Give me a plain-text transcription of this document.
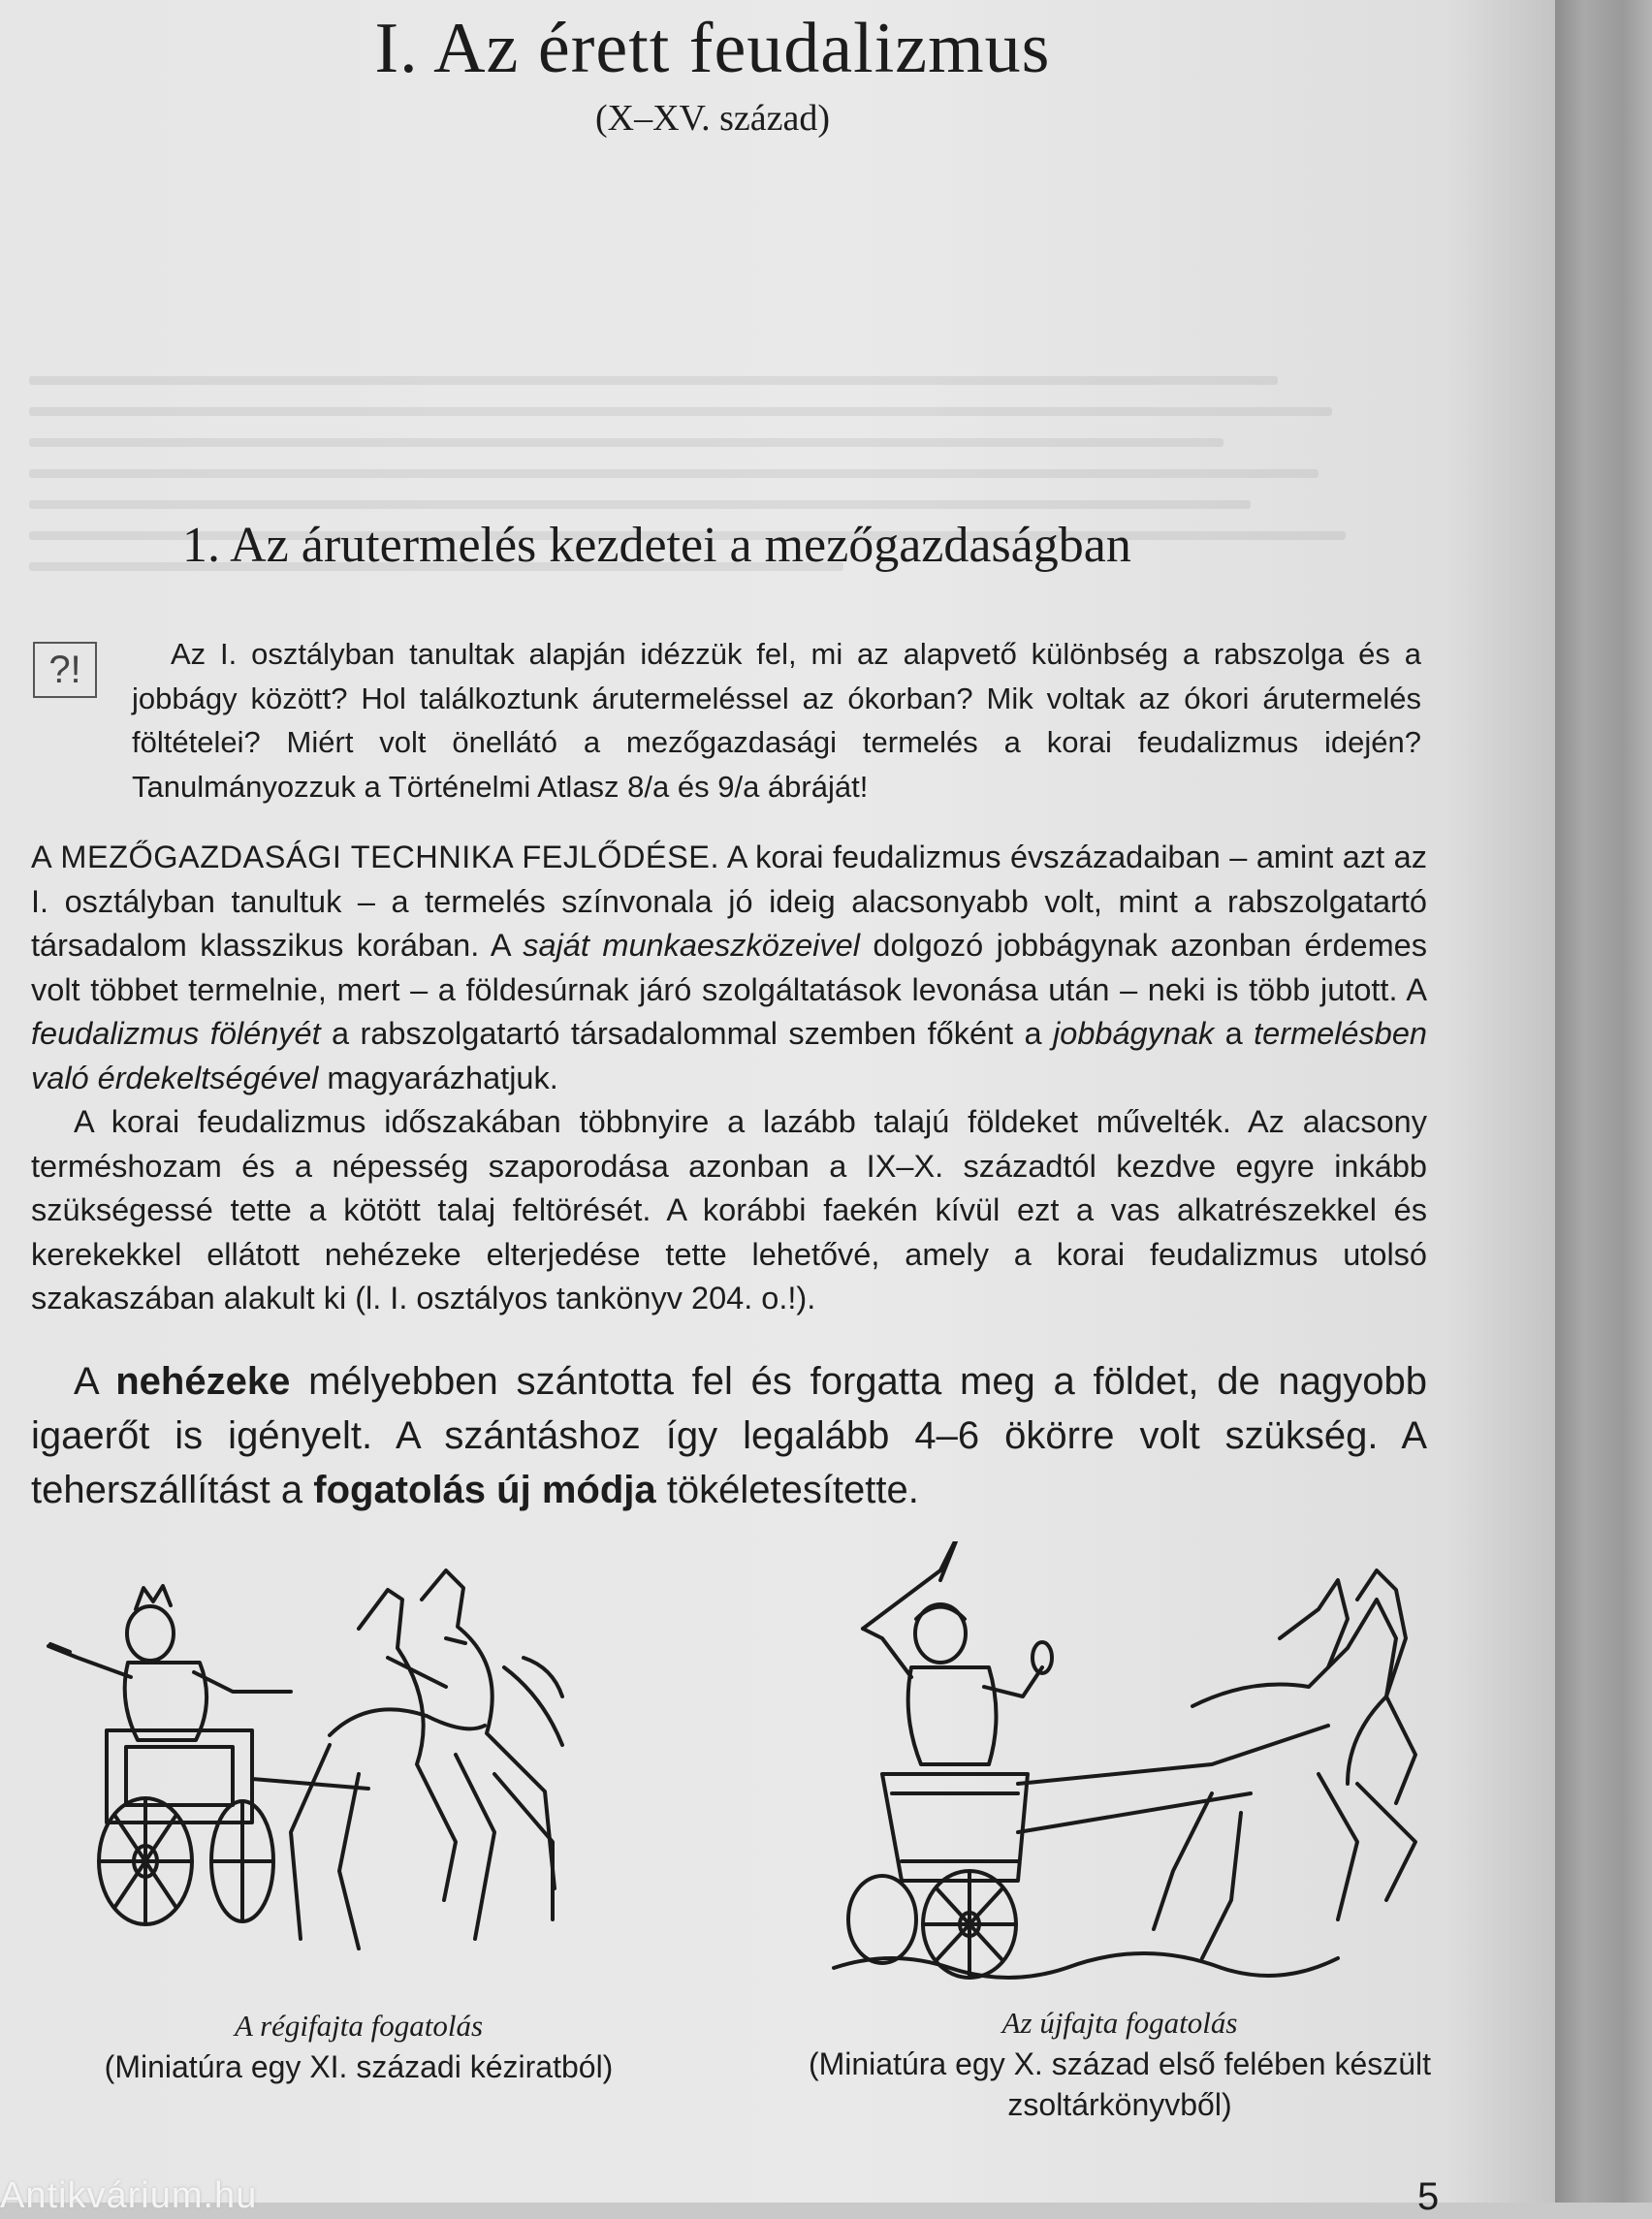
I. Az érett feudalizmus
(X–XV. század)
1. Az árutermelés kezdetei a mezőgazdaságban
?!	Az I. osztályban tanultak alapján idézzük fel, mi az alapvető különbség a rabszolga és a jobbágy között? Hol találkoztunk árutermeléssel az ókorban? Mik voltak az ókori árutermelés föltételei? Miért volt önellátó a mezőgazdasági termelés a korai feudalizmus idején? Tanulmányozzuk a Történelmi Atlasz 8/a és 9/a ábráját!

A MEZŐGAZDASÁGI TECHNIKA FEJLŐDÉSE. A korai feudalizmus évszázadaiban – amint azt az I. osztályban tanultuk – a termelés színvonala jó ideig alacsonyabb volt, mint a rabszolgatartó társadalom klasszikus korában. A saját munkaeszközeivel dolgozó jobbágynak azonban érdemes volt többet termelnie, mert – a földesúrnak járó szolgáltatások levonása után – neki is több jutott. A feudalizmus fölényét a rabszolgatartó társadalommal szemben főként a jobbágynak a termelésben való érdekeltségével magyarázhatjuk.

A korai feudalizmus időszakában többnyire a lazább talajú földeket művelték. Az alacsony terméshozam és a népesség szaporodása azonban a IX–X. századtól kezdve egyre inkább szükségessé tette a kötött talaj feltörését. A korábbi faekén kívül ezt a vas alkatrészekkel és kerekekkel ellátott nehézeke elterjedése tette lehetővé, amely a korai feudalizmus utolsó szakaszában alakult ki (l. I. osztályos tankönyv 204. o.!).

A nehézeke mélyebben szántotta fel és forgatta meg a földet, de nagyobb igaerőt is igényelt. A szántáshoz így legalább 4–6 ökörre volt szükség. A teherszállítást a fogatolás új módja tökéletesítette.
A régifajta fogatolás
(Miniatúra egy XI. századi kéziratból)
Az újfajta fogatolás
(Miniatúra egy X. század első felében készült zsoltárkönyvből)
Antikvárium.hu	5
